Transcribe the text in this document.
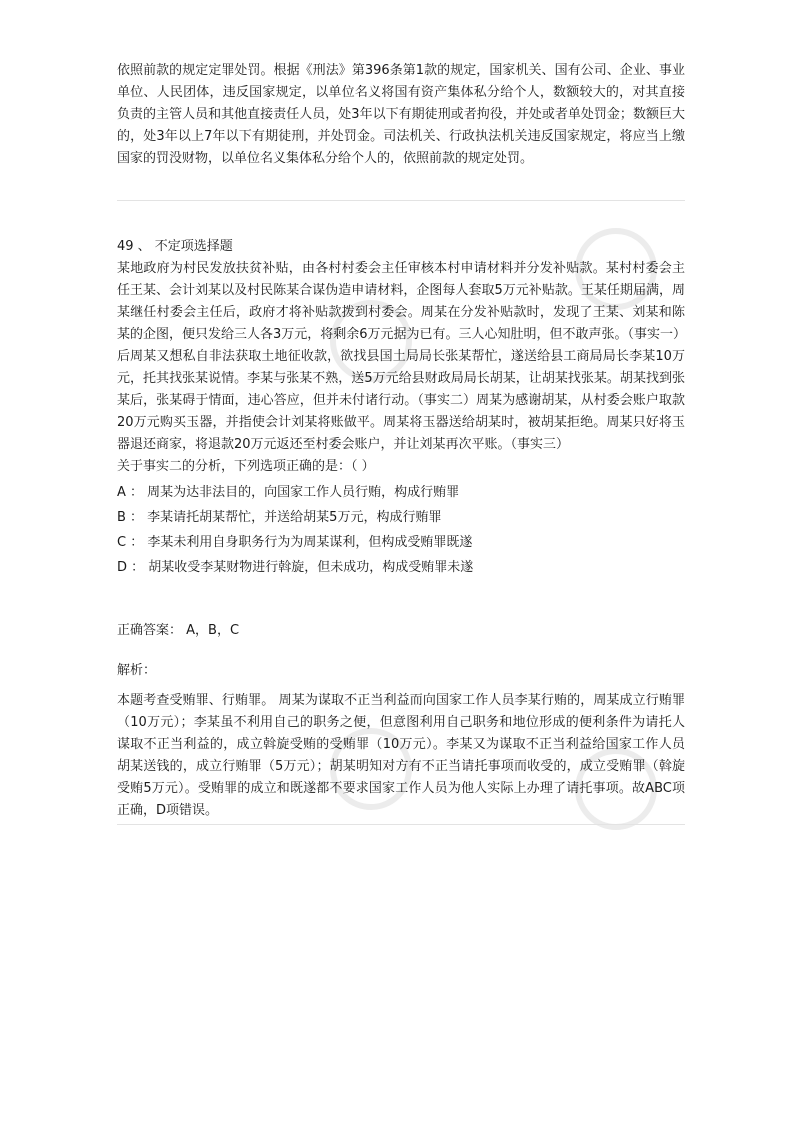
依照前款的规定定罪处罚。根据《刑法》第396条第1款的规定，国家机关、国有公司、企业、事业单位、人民团体，违反国家规定，以单位名义将国有资产集体私分给个人，数额较大的，对其直接负责的主管人员和其他直接责任人员，处3年以下有期徒刑或者拘役，并处或者单处罚金；数额巨大的，处3年以上7年以下有期徒刑，并处罚金。司法机关、行政执法机关违反国家规定，将应当上缴国家的罚没财物，以单位名义集体私分给个人的，依照前款的规定处罚。

49 、 不定项选择题

某地政府为村民发放扶贫补贴，由各村村委会主任审核本村申请材料并分发补贴款。某村村委会主任王某、会计刘某以及村民陈某合谋伪造申请材料，企图每人套取5万元补贴款。王某任期届满，周某继任村委会主任后，政府才将补贴款拨到村委会。周某在分发补贴款时，发现了王某、刘某和陈某的企图，便只发给三人各3万元，将剩余6万元据为已有。三人心知肚明，但不敢声张。（事实一）

后周某又想私自非法获取土地征收款，欲找县国土局局长张某帮忙，遂送给县工商局局长李某10万元，托其找张某说情。李某与张某不熟，送5万元给县财政局局长胡某，让胡某找张某。胡某找到张某后，张某碍于情面，违心答应，但并未付诸行动。（事实二）周某为感谢胡某，从村委会账户取款20万元购买玉器，并指使会计刘某将账做平。周某将玉器送给胡某时，被胡某拒绝。周某只好将玉器退还商家，将退款20万元返还至村委会账户，并让刘某再次平账。（事实三）

关于事实二的分析，下列选项正确的是：（ ）

A ： 周某为达非法目的，向国家工作人员行贿，构成行贿罪

B ： 李某请托胡某帮忙，并送给胡某5万元，构成行贿罪

C ： 李某未利用自身职务行为为周某谋利，但构成受贿罪既遂

D ： 胡某收受李某财物进行斡旋，但未成功，构成受贿罪未遂

正确答案： A，B，C

解析：

本题考查受贿罪、行贿罪。 周某为谋取不正当利益而向国家工作人员李某行贿的，周某成立行贿罪（10万元）；李某虽不利用自己的职务之便，但意图利用自己职务和地位形成的便利条件为请托人谋取不正当利益的，成立斡旋受贿的受贿罪（10万元）。李某又为谋取不正当利益给国家工作人员胡某送钱的，成立行贿罪（5万元）；胡某明知对方有不正当请托事项而收受的，成立受贿罪（斡旋受贿5万元）。受贿罪的成立和既遂都不要求国家工作人员为他人实际上办理了请托事项。故ABC项正确，D项错误。
